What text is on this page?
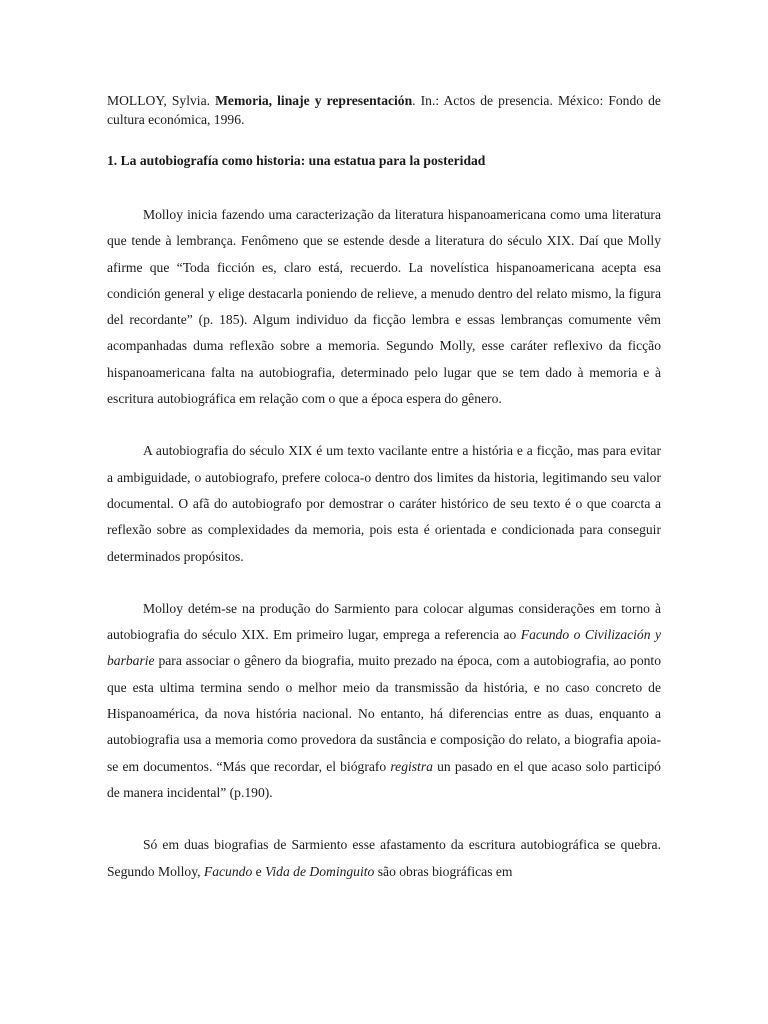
MOLLOY, Sylvia. Memoria, linaje y representación. In.: Actos de presencia. México: Fondo de cultura económica, 1996.

1. La autobiografía como historia: una estatua para la posteridad

Molloy inicia fazendo uma caracterização da literatura hispanoamericana como uma literatura que tende à lembrança. Fenômeno que se estende desde a literatura do século XIX. Daí que Molly afirme que “Toda ficción es, claro está, recuerdo. La novelística hispanoamericana acepta esa condición general y elige destacarla poniendo de relieve, a menudo dentro del relato mismo, la figura del recordante” (p. 185). Algum individuo da ficção lembra e essas lembranças comumente vêm acompanhadas duma reflexão sobre a memoria. Segundo Molly, esse caráter reflexivo da ficção hispanoamericana falta na autobiografia, determinado pelo lugar que se tem dado à memoria e à escritura autobiográfica em relação com o que a época espera do gênero.

A autobiografia do século XIX é um texto vacilante entre a história e a ficção, mas para evitar a ambiguidade, o autobiografo, prefere coloca-o dentro dos limites da historia, legitimando seu valor documental. O afã do autobiografo por demostrar o caráter histórico de seu texto é o que coarcta a reflexão sobre as complexidades da memoria, pois esta é orientada e condicionada para conseguir determinados propósitos.

Molloy detém-se na produção do Sarmiento para colocar algumas considerações em torno à autobiografia do século XIX. Em primeiro lugar, emprega a referencia ao Facundo o Civilización y barbarie para associar o gênero da biografia, muito prezado na época, com a autobiografia, ao ponto que esta ultima termina sendo o melhor meio da transmissão da história, e no caso concreto de Hispanoamérica, da nova história nacional. No entanto, há diferencias entre as duas, enquanto a autobiografia usa a memoria como provedora da sustância e composição do relato, a biografia apoia-se em documentos. “Más que recordar, el biógrafo registra un pasado en el que acaso solo participó de manera incidental” (p.190).

Só em duas biografias de Sarmiento esse afastamento da escritura autobiográfica se quebra. Segundo Molloy, Facundo e Vida de Dominguito são obras biográficas em
